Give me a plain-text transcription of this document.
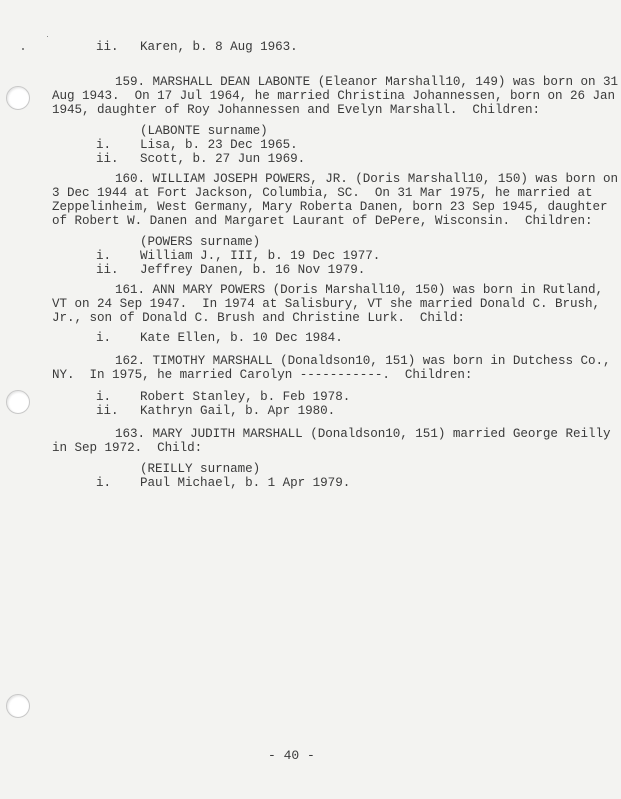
ii. Karen, b. 8 Aug 1963.
159. MARSHALL DEAN LABONTE (Eleanor Marshall10, 149) was born on 31
Aug 1943.  On 17 Jul 1964, he married Christina Johannessen, born on 26 Jan
1945, daughter of Roy Johannessen and Evelyn Marshall.  Children:
(LABONTE surname)
i. Lisa, b. 23 Dec 1965.
ii. Scott, b. 27 Jun 1969.
160. WILLIAM JOSEPH POWERS, JR. (Doris Marshall10, 150) was born on
3 Dec 1944 at Fort Jackson, Columbia, SC.  On 31 Mar 1975, he married at
Zeppelinheim, West Germany, Mary Roberta Danen, born 23 Sep 1945, daughter
of Robert W. Danen and Margaret Laurant of DePere, Wisconsin.  Children:
(POWERS surname)
i. William J., III, b. 19 Dec 1977.
ii. Jeffrey Danen, b. 16 Nov 1979.
161. ANN MARY POWERS (Doris Marshall10, 150) was born in Rutland,
VT on 24 Sep 1947.  In 1974 at Salisbury, VT she married Donald C. Brush,
Jr., son of Donald C. Brush and Christine Lurk.  Child:
i. Kate Ellen, b. 10 Dec 1984.
162. TIMOTHY MARSHALL (Donaldson10, 151) was born in Dutchess Co.,
NY.  In 1975, he married Carolyn -----------.  Children:
i. Robert Stanley, b. Feb 1978.
ii. Kathryn Gail, b. Apr 1980.
163. MARY JUDITH MARSHALL (Donaldson10, 151) married George Reilly
in Sep 1972.  Child:
(REILLY surname)
i. Paul Michael, b. 1 Apr 1979.
- 40 -
